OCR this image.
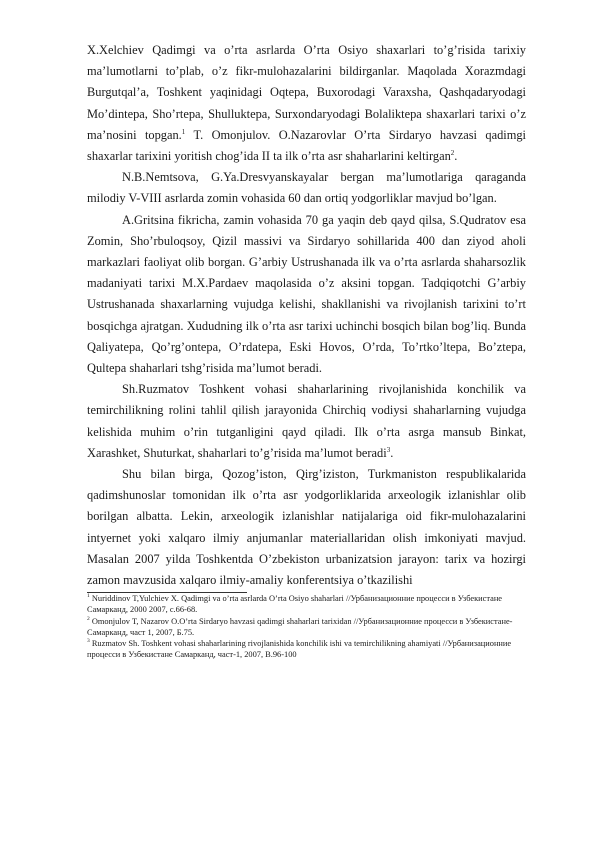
X.Xelchiev Qadimgi va o’rta asrlarda O’rta Osiyo shaxarlari to’g’risida tarixiy ma’lumotlarni to’plab, o’z fikr-mulohazalarini bildirganlar. Maqolada Xorazmdagi Burgutqal’a, Toshkent yaqinidagi Oqtepa, Buxorodagi Varaxsha, Qashqadaryodagi Mo’dintepa, Sho’rtepa, Shulluktepa, Surxondaryodagi Bolaliktepa shaxarlari tarixi o’z ma’nosini topgan.$^1$ T. Omonjulov. O.Nazarovlar O’rta Sirdaryo havzasi qadimgi shaxarlar tarixini yoritish chog’ida II ta ilk o’rta asr shaharlarini keltirgan$^2$.

N.B.Nemtsova, G.Ya.Dresvyanskayalar bergan ma’lumotlariga qaraganda milodiy V-VIII asrlarda zomin vohasida 60 dan ortiq yodgorliklar mavjud bo’lgan.

A.Gritsina fikricha, zamin vohasida 70 ga yaqin deb qayd qilsa, S.Qudratov esa Zomin, Sho’rbuloqsoy, Qizil massivi va Sirdaryo sohillarida 400 dan ziyod aholi markazlari faoliyat olib borgan. G’arbiy Ustrushanada ilk va o’rta asrlarda shaharsozlik madaniyati tarixi M.X.Pardaev maqolasida o’z aksini topgan. Tadqiqotchi G’arbiy Ustrushanada shaxarlarning vujudga kelishi, shakllanishi va rivojlanish tarixini to’rt bosqichga ajratgan. Xududning ilk o’rta asr tarixi uchinchi bosqich bilan bog’liq. Bunda Qaliyatepa, Qo’rg’ontepa, O’rdatepa, Eski Hovos, O’rda, To’rtko’ltepa, Bo’ztepa, Qultepa shaharlari tshg’risida ma’lumot beradi.

Sh.Ruzmatov Toshkent vohasi shaharlarining rivojlanishida konchilik va temirchilikning rolini tahlil qilish jarayonida Chirchiq vodiysi shaharlarning vujudga kelishida muhim o’rin tutganligini qayd qiladi. Ilk o’rta asrga mansub Binkat, Xarashket, Shuturkat, shaharlari to’g’risida ma’lumot beradi$^3$.

Shu bilan birga, Qozog’iston, Qirg’iziston, Turkmaniston respublikalarida qadimshunoslar tomonidan ilk o’rta asr yodgorliklarida arxeologik izlanishlar olib borilgan albatta. Lekin, arxeologik izlanishlar natijalariga oid fikr-mulohazalarini intyernet yoki xalqaro ilmiy anjumanlar materiallaridan olish imkoniyati mavjud. Masalan 2007 yilda Toshkentda O’zbekiston urbanizatsion jarayon: tarix va hozirgi zamon mavzusida xalqaro ilmiy-amaliy konferentsiya o’tkazilishi

$^1$ Nuriddinov T,Yulchiev X. Qadimgi va o’rta asrlarda O’rta Osiyo shaharlari //Урбанизационние процесси в Узбекистане Самарканд, 2000 2007, с.66-68.

$^2$ Omonjulov T, Nazarov O.O’rta Sirdaryo havzasi qadimgi shaharlari tarixidan //Урбанизационние процесси в Узбекистане-Самарканд, част 1, 2007, Б.75.

$^3$ Ruzmatov Sh. Toshkent vohasi shaharlarining rivojlanishida konchilik ishi va temirchilikning ahamiyati //Урбанизационние процесси в Узбекистане Самарканд, част-1, 2007, B.96-100
